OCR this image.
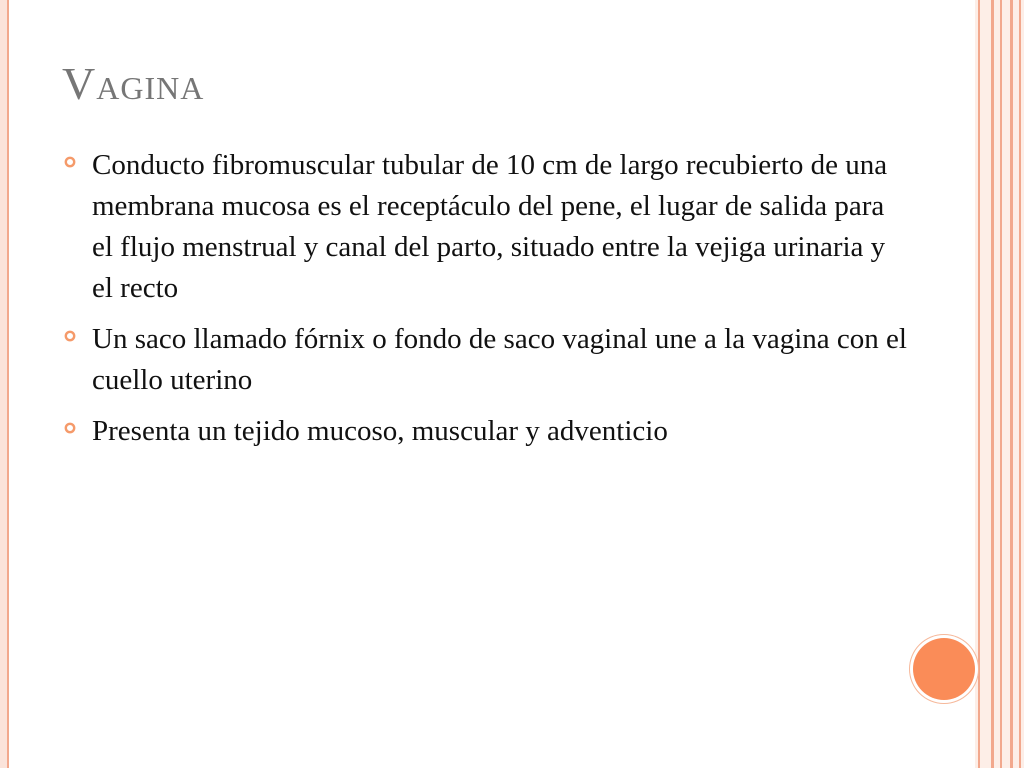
Vagina
Conducto fibromuscular tubular de 10 cm de largo recubierto de una membrana mucosa es el receptáculo del pene, el lugar de salida para el flujo menstrual y canal del parto, situado entre la vejiga urinaria y el recto
Un saco llamado fórnix o fondo de saco vaginal une a la vagina con el cuello uterino
Presenta un tejido mucoso, muscular y adventicio
